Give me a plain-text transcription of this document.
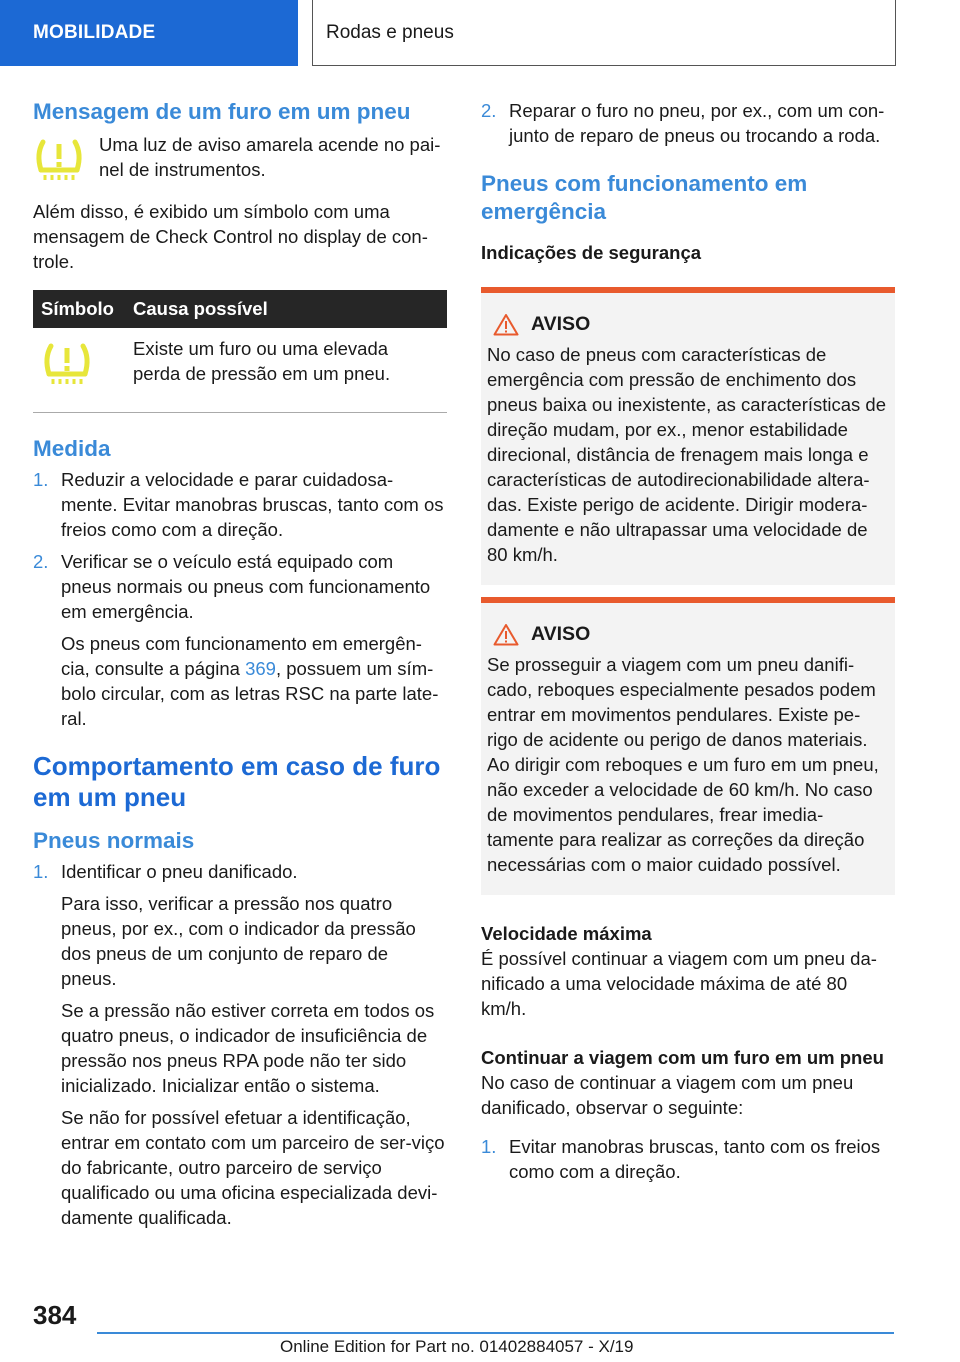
MOBILIDADE	Rodas e pneus
Mensagem de um furo em um pneu

Uma luz de aviso amarela acende no pai-nel de instrumentos.

Além disso, é exibido um símbolo com uma mensagem de Check Control no display de con-trole.

Símbolo	Causa possível
	Existe um furo ou uma elevada perda de pressão em um pneu.
Medida
1. Reduzir a velocidade e parar cuidadosa-mente. Evitar manobras bruscas, tanto com os freios como com a direção.

2. Verificar se o veículo está equipado com pneus normais ou pneus com funcionamento em emergência.

Os pneus com funcionamento em emergên-cia, consulte a página 369, possuem um sím-bolo circular, com as letras RSC na parte late-ral.

Comportamento em caso de furo em um pneu
Pneus normais
1. Identificar o pneu danificado.

Para isso, verificar a pressão nos quatro pneus, por ex., com o indicador da pressão dos pneus de um conjunto de reparo de pneus.

Se a pressão não estiver correta em todos os quatro pneus, o indicador de insuficiência de pressão nos pneus RPA pode não ter sido inicializado. Inicializar então o sistema.

Se não for possível efetuar a identificação, entrar em contato com um parceiro de ser-viço do fabricante, outro parceiro de serviço qualificado ou uma oficina especializada devi-damente qualificada.

2. Reparar o furo no pneu, por ex., com um con-junto de reparo de pneus ou trocando a roda.

Pneus com funcionamento em emergência
Indicações de segurança
AVISO

No caso de pneus com características de emergência com pressão de enchimento dos pneus baixa ou inexistente, as características de direção mudam, por ex., menor estabilidade direcional, distância de frenagem mais longa e características de autodirecionabilidade altera-das. Existe perigo de acidente. Dirigir modera-damente e não ultrapassar uma velocidade de 80 km/h.

AVISO

Se prosseguir a viagem com um pneu danifi-cado, reboques especialmente pesados podem entrar em movimentos pendulares. Existe pe-rigo de acidente ou perigo de danos materiais. Ao dirigir com reboques e um furo em um pneu, não exceder a velocidade de 60 km/h. No caso de movimentos pendulares, frear imedia-tamente para realizar as correções da direção necessárias com o maior cuidado possível.

Velocidade máxima

É possível continuar a viagem com um pneu da-nificado a uma velocidade máxima de até 80 km/h.

Continuar a viagem com um furo em um pneu

No caso de continuar a viagem com um pneu danificado, observar o seguinte:

1. Evitar manobras bruscas, tanto com os freios como com a direção.

384
Online Edition for Part no. 01402884057 - X/19
